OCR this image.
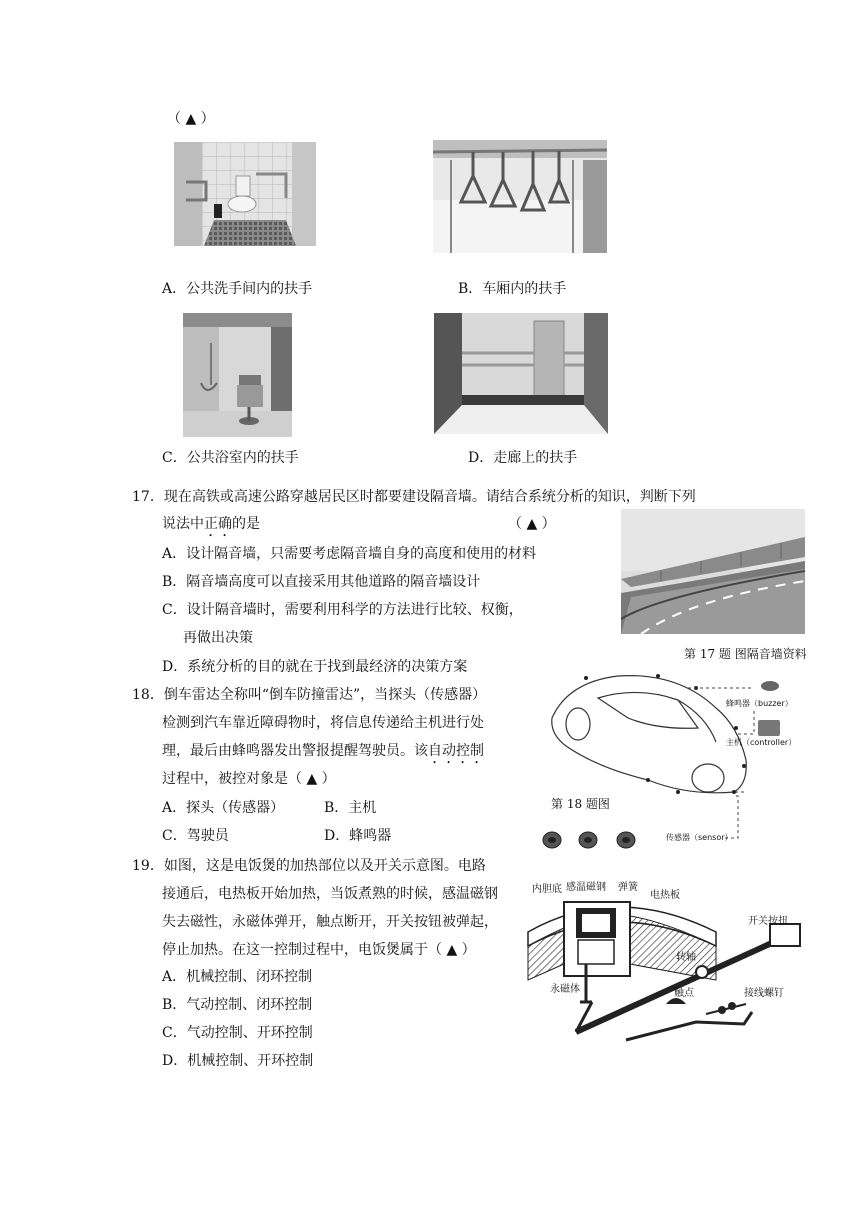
（ ▲ ）
A．公共洗手间内的扶手	B．车厢内的扶手
C．公共浴室内的扶手	D．走廊上的扶手
17．现在高铁或高速公路穿越居民区时都要建设隔音墙。请结合系统分析的知识，判断下列
说法中正确的是	（ ▲ ）
A．设计隔音墙，只需要考虑隔音墙自身的高度和使用的材料
B．隔音墙高度可以直接采用其他道路的隔音墙设计
C．设计隔音墙时，需要利用科学的方法进行比较、权衡，
再做出决策
D．系统分析的目的就在于找到最经济的决策方案
第 17 题 图隔音墙资料
18．倒车雷达全称叫“倒车防撞雷达”，当探头（传感器）
检测到汽车靠近障碍物时，将信息传递给主机进行处
理，最后由蜂鸣器发出警报提醒驾驶员。该自动控制
过程中，被控对象是（ ▲ ）
A．探头（传感器）	B．主机
C．驾驶员	D．蜂鸣器
蜂鸣器（buzzer）
主机（controller）
传感器（sensor）
第 18 题图
19．如图，这是电饭煲的加热部位以及开关示意图。电路
接通后，电热板开始加热，当饭煮熟的时候，感温磁钢
失去磁性，永磁体弹开，触点断开，开关按钮被弹起，
停止加热。在这一控制过程中，电饭煲属于（ ▲ ）
A．机械控制、闭环控制
B．气动控制、闭环控制
C．气动控制、开环控制
D．机械控制、开环控制
内胆底 感温磁钢 弹簧
电热板
开关按扭
转轴
永磁体	触点	接线螺钉
